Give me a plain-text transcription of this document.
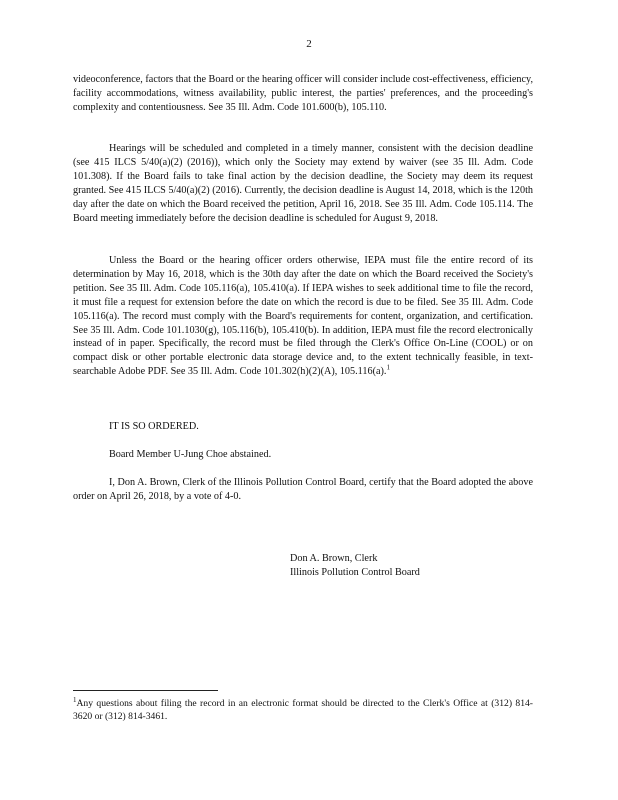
2

videoconference, factors that the Board or the hearing officer will consider include cost-effectiveness, efficiency, facility accommodations, witness availability, public interest, the parties' preferences, and the proceeding's complexity and contentiousness. See 35 Ill. Adm. Code 101.600(b), 105.110.

Hearings will be scheduled and completed in a timely manner, consistent with the decision deadline (see 415 ILCS 5/40(a)(2) (2016)), which only the Society may extend by waiver (see 35 Ill. Adm. Code 101.308). If the Board fails to take final action by the decision deadline, the Society may deem its request granted. See 415 ILCS 5/40(a)(2) (2016). Currently, the decision deadline is August 14, 2018, which is the 120th day after the date on which the Board received the petition, April 16, 2018. See 35 Ill. Adm. Code 105.114. The Board meeting immediately before the decision deadline is scheduled for August 9, 2018.

Unless the Board or the hearing officer orders otherwise, IEPA must file the entire record of its determination by May 16, 2018, which is the 30th day after the date on which the Board received the Society's petition. See 35 Ill. Adm. Code 105.116(a), 105.410(a). If IEPA wishes to seek additional time to file the record, it must file a request for extension before the date on which the record is due to be filed. See 35 Ill. Adm. Code 105.116(a). The record must comply with the Board's requirements for content, organization, and certification. See 35 Ill. Adm. Code 101.1030(g), 105.116(b), 105.410(b). In addition, IEPA must file the record electronically instead of in paper. Specifically, the record must be filed through the Clerk's Office On-Line (COOL) or on compact disk or other portable electronic data storage device and, to the extent technically feasible, in text-searchable Adobe PDF. See 35 Ill. Adm. Code 101.302(h)(2)(A), 105.116(a).$^1$

IT IS SO ORDERED.

Board Member U-Jung Choe abstained.

I, Don A. Brown, Clerk of the Illinois Pollution Control Board, certify that the Board adopted the above order on April 26, 2018, by a vote of 4-0.

Don A. Brown, Clerk
Illinois Pollution Control Board
$^1$Any questions about filing the record in an electronic format should be directed to the Clerk's Office at (312) 814-3620 or (312) 814-3461.
